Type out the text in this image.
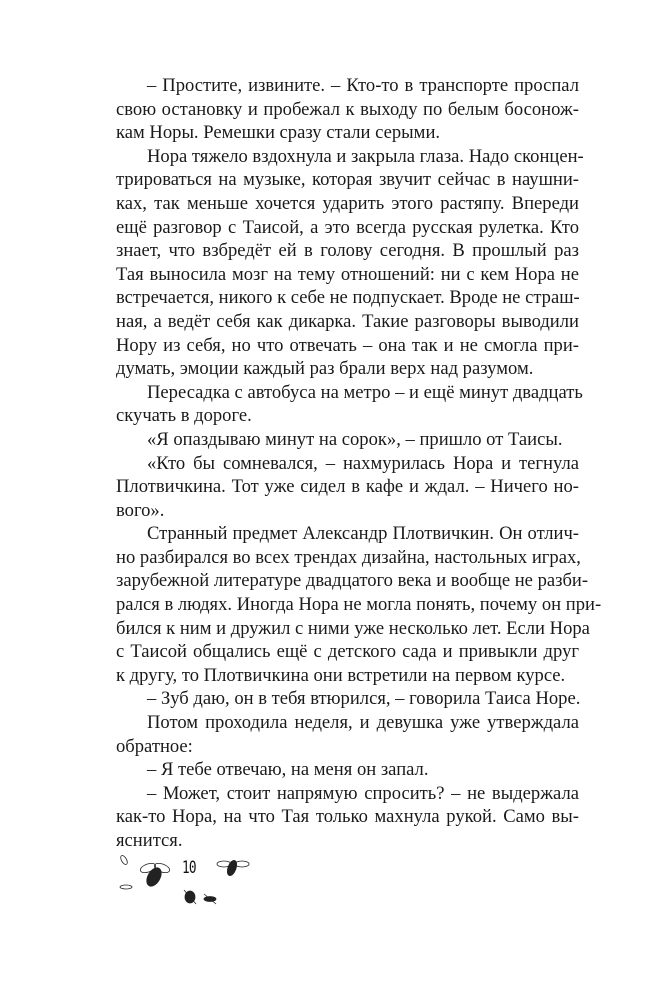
– Простите, извините. – Кто-то в транспорте проспал
свою остановку и пробежал к выходу по белым босонож-
кам Норы. Ремешки сразу стали серыми.
Нора тяжело вздохнула и закрыла глаза. Надо сконцен-
трироваться на музыке, которая звучит сейчас в наушни-
ках, так меньше хочется ударить этого растяпу. Впереди
ещё разговор с Таисой, а это всегда русская рулетка. Кто
знает, что взбредёт ей в голову сегодня. В прошлый раз
Тая выносила мозг на тему отношений: ни с кем Нора не
встречается, никого к себе не подпускает. Вроде не страш-
ная, а ведёт себя как дикарка. Такие разговоры выводили
Нору из себя, но что отвечать – она так и не смогла при-
думать, эмоции каждый раз брали верх над разумом.
Пересадка с автобуса на метро – и ещё минут двадцать
скучать в дороге.
«Я опаздываю минут на сорок», – пришло от Таисы.
«Кто бы сомневался, – нахмурилась Нора и тегнула
Плотвичкина. Тот уже сидел в кафе и ждал. – Ничего но-
вого».
Странный предмет Александр Плотвичкин. Он отлич-
но разбирался во всех трендах дизайна, настольных играх,
зарубежной литературе двадцатого века и вообще не разби-
рался в людях. Иногда Нора не могла понять, почему он при-
бился к ним и дружил с ними уже несколько лет. Если Нора
с Таисой общались ещё с детского сада и привыкли друг
к другу, то Плотвичкина они встретили на первом курсе.
– Зуб даю, он в тебя втюрился, – говорила Таиса Норе.
Потом проходила неделя, и девушка уже утверждала
обратное:
– Я тебе отвечаю, на меня он запал.
– Может, стоит напрямую спросить? – не выдержала
как-то Нора, на что Тая только махнула рукой. Само вы-
яснится.
10
